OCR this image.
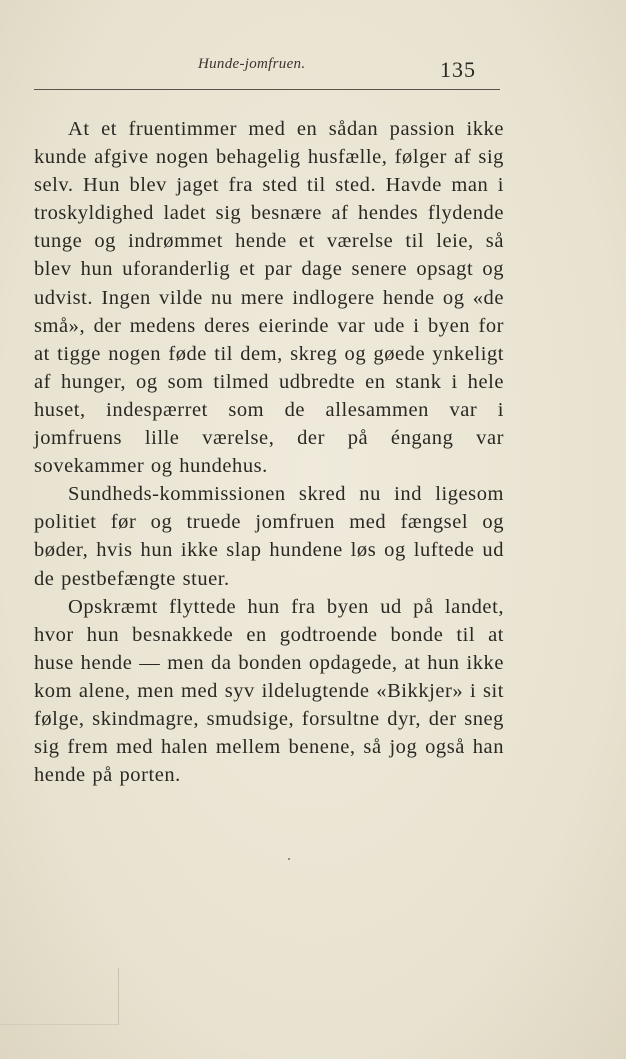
Hunde-jomfruen.	135

At et fruentimmer med en sådan passion ikke kunde afgive nogen behagelig husfælle, følger af sig selv. Hun blev jaget fra sted til sted. Havde man i troskyldighed ladet sig besnære af hendes flydende tunge og indrømmet hende et værelse til leie, så blev hun uforanderlig et par dage senere opsagt og udvist. Ingen vilde nu mere indlogere hende og «de små», der medens deres eierinde var ude i byen for at tigge nogen føde til dem, skreg og gøede ynkeligt af hunger, og som tilmed udbredte en stank i hele huset, indespærret som de allesammen var i jomfruens lille værelse, der på éngang var sovekammer og hundehus.

Sundheds-kommissionen skred nu ind ligesom politiet før og truede jomfruen med fængsel og bøder, hvis hun ikke slap hundene løs og luftede ud de pestbefængte stuer.

Opskræmt flyttede hun fra byen ud på landet, hvor hun besnakkede en godtroende bonde til at huse hende — men da bonden opdagede, at hun ikke kom alene, men med syv ildelugtende «Bikkjer» i sit følge, skindmagre, smudsige, forsultne dyr, der sneg sig frem med halen mellem benene, så jog også han hende på porten.
